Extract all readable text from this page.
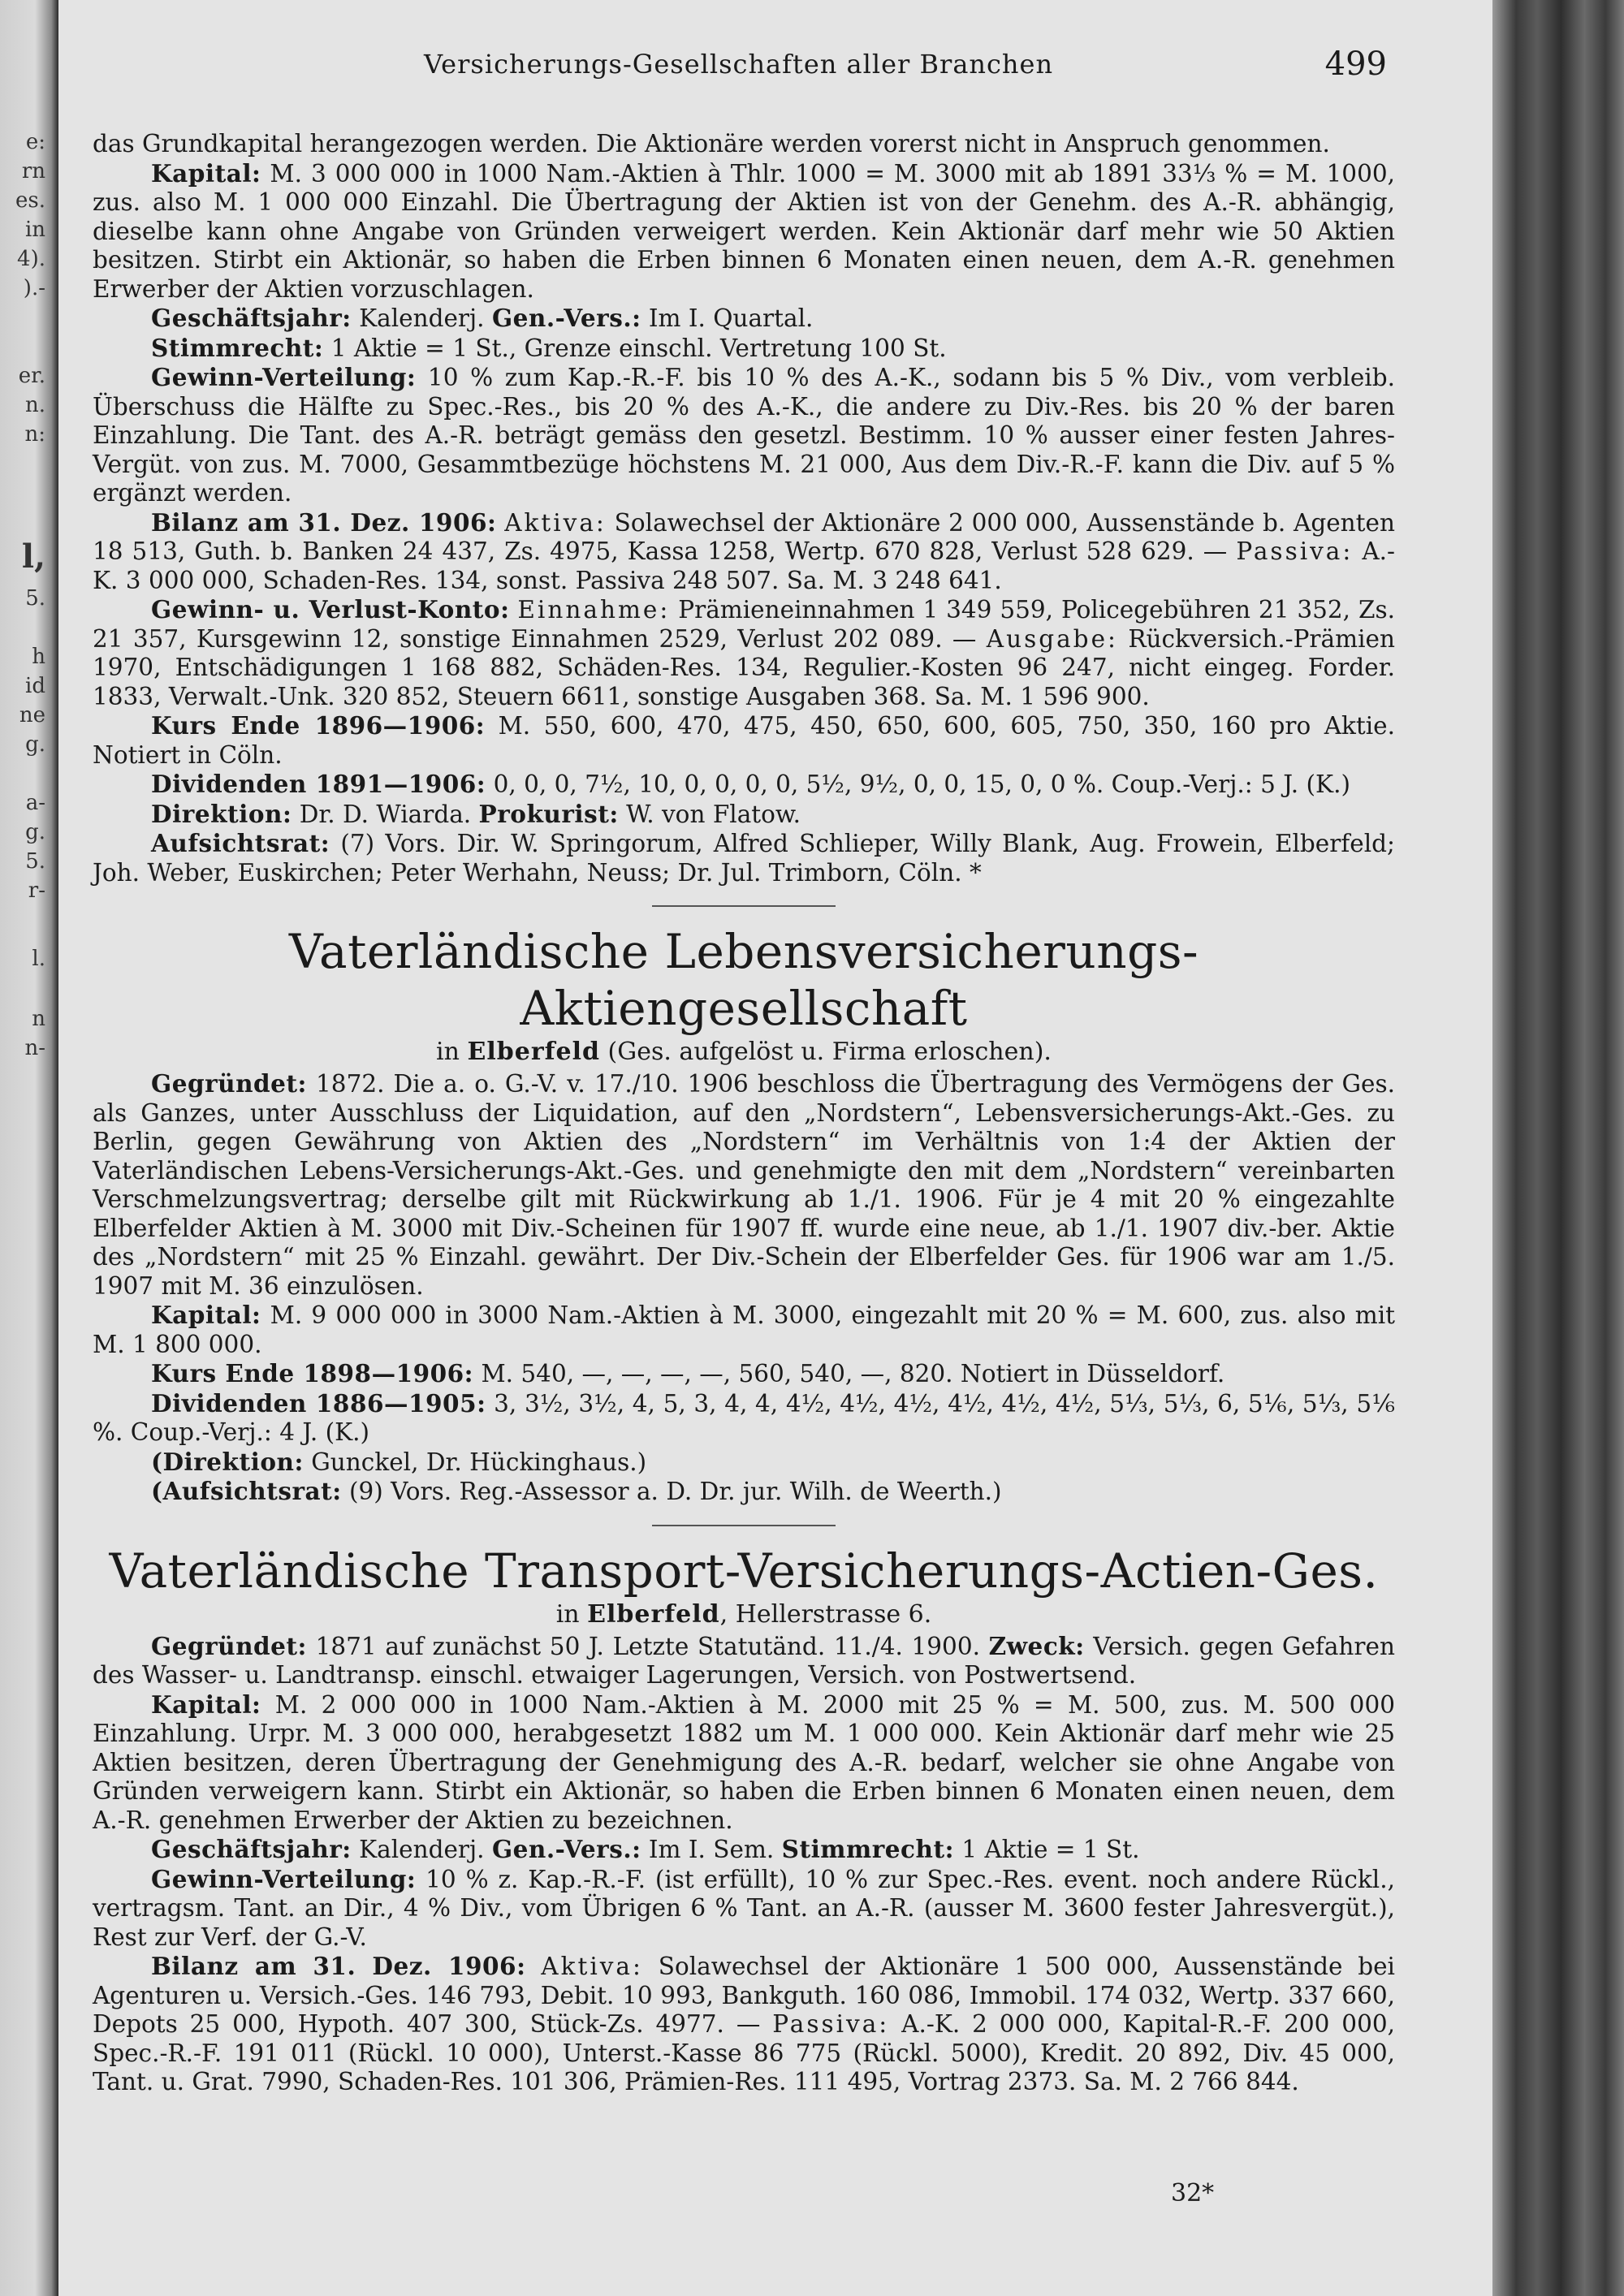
e:
rn
es.
in
4).
).-
er.
n.
n:
l,
5.
h
id
ne
g.
a-
g.
5.
r-
l.
n
n-
Versicherungs-Gesellschaften aller Branchen	499

das Grundkapital herangezogen werden. Die Aktionäre werden vorerst nicht in Anspruch genommen.

Kapital: M. 3 000 000 in 1000 Nam.-Aktien à Thlr. 1000 = M. 3000 mit ab 1891 33⅓ % = M. 1000, zus. also M. 1 000 000 Einzahl. Die Übertragung der Aktien ist von der Genehm. des A.-R. abhängig, dieselbe kann ohne Angabe von Gründen verweigert werden. Kein Aktionär darf mehr wie 50 Aktien besitzen. Stirbt ein Aktionär, so haben die Erben binnen 6 Monaten einen neuen, dem A.-R. genehmen Erwerber der Aktien vorzuschlagen.

Geschäftsjahr: Kalenderj. Gen.-Vers.: Im I. Quartal.

Stimmrecht: 1 Aktie = 1 St., Grenze einschl. Vertretung 100 St.

Gewinn-Verteilung: 10 % zum Kap.-R.-F. bis 10 % des A.-K., sodann bis 5 % Div., vom verbleib. Überschuss die Hälfte zu Spec.-Res., bis 20 % des A.-K., die andere zu Div.-Res. bis 20 % der baren Einzahlung. Die Tant. des A.-R. beträgt gemäss den gesetzl. Bestimm. 10 % ausser einer festen Jahres-Vergüt. von zus. M. 7000, Gesammtbezüge höchstens M. 21 000, Aus dem Div.-R.-F. kann die Div. auf 5 % ergänzt werden.

Bilanz am 31. Dez. 1906: Aktiva: Solawechsel der Aktionäre 2 000 000, Aussenstände b. Agenten 18 513, Guth. b. Banken 24 437, Zs. 4975, Kassa 1258, Wertp. 670 828, Verlust 528 629. — Passiva: A.-K. 3 000 000, Schaden-Res. 134, sonst. Passiva 248 507. Sa. M. 3 248 641.

Gewinn- u. Verlust-Konto: Einnahme: Prämieneinnahmen 1 349 559, Policegebühren 21 352, Zs. 21 357, Kursgewinn 12, sonstige Einnahmen 2529, Verlust 202 089. — Ausgabe: Rückversich.-Prämien 1970, Entschädigungen 1 168 882, Schäden-Res. 134, Regulier.-Kosten 96 247, nicht eingeg. Forder. 1833, Verwalt.-Unk. 320 852, Steuern 6611, sonstige Ausgaben 368. Sa. M. 1 596 900.

Kurs Ende 1896—1906: M. 550, 600, 470, 475, 450, 650, 600, 605, 750, 350, 160 pro Aktie. Notiert in Cöln.

Dividenden 1891—1906: 0, 0, 0, 7½, 10, 0, 0, 0, 0, 5½, 9½, 0, 0, 15, 0, 0 %. Coup.-Verj.: 5 J. (K.)

Direktion: Dr. D. Wiarda. Prokurist: W. von Flatow.

Aufsichtsrat: (7) Vors. Dir. W. Springorum, Alfred Schlieper, Willy Blank, Aug. Frowein, Elberfeld; Joh. Weber, Euskirchen; Peter Werhahn, Neuss; Dr. Jul. Trimborn, Cöln. *

Vaterländische Lebensversicherungs-Aktiengesellschaft

in Elberfeld (Ges. aufgelöst u. Firma erloschen).

Gegründet: 1872. Die a. o. G.-V. v. 17./10. 1906 beschloss die Übertragung des Vermögens der Ges. als Ganzes, unter Ausschluss der Liquidation, auf den „Nordstern“, Lebensversicherungs-Akt.-Ges. zu Berlin, gegen Gewährung von Aktien des „Nordstern“ im Verhältnis von 1:4 der Aktien der Vaterländischen Lebens-Versicherungs-Akt.-Ges. und genehmigte den mit dem „Nordstern“ vereinbarten Verschmelzungsvertrag; derselbe gilt mit Rückwirkung ab 1./1. 1906. Für je 4 mit 20 % eingezahlte Elberfelder Aktien à M. 3000 mit Div.-Scheinen für 1907 ff. wurde eine neue, ab 1./1. 1907 div.-ber. Aktie des „Nordstern“ mit 25 % Einzahl. gewährt. Der Div.-Schein der Elberfelder Ges. für 1906 war am 1./5. 1907 mit M. 36 einzulösen.

Kapital: M. 9 000 000 in 3000 Nam.-Aktien à M. 3000, eingezahlt mit 20 % = M. 600, zus. also mit M. 1 800 000.

Kurs Ende 1898—1906: M. 540, —, —, —, —, 560, 540, —, 820. Notiert in Düsseldorf.

Dividenden 1886—1905: 3, 3½, 3½, 4, 5, 3, 4, 4, 4½, 4½, 4½, 4½, 4½, 4½, 5⅓, 5⅓, 6, 5⅙, 5⅓, 5⅙ %. Coup.-Verj.: 4 J. (K.)

(Direktion: Gunckel, Dr. Hückinghaus.)

(Aufsichtsrat: (9) Vors. Reg.-Assessor a. D. Dr. jur. Wilh. de Weerth.)

Vaterländische Transport-Versicherungs-Actien-Ges.

in Elberfeld, Hellerstrasse 6.

Gegründet: 1871 auf zunächst 50 J. Letzte Statutänd. 11./4. 1900. Zweck: Versich. gegen Gefahren des Wasser- u. Landtransp. einschl. etwaiger Lagerungen, Versich. von Postwertsend.

Kapital: M. 2 000 000 in 1000 Nam.-Aktien à M. 2000 mit 25 % = M. 500, zus. M. 500 000 Einzahlung. Urpr. M. 3 000 000, herabgesetzt 1882 um M. 1 000 000. Kein Aktionär darf mehr wie 25 Aktien besitzen, deren Übertragung der Genehmigung des A.-R. bedarf, welcher sie ohne Angabe von Gründen verweigern kann. Stirbt ein Aktionär, so haben die Erben binnen 6 Monaten einen neuen, dem A.-R. genehmen Erwerber der Aktien zu bezeichnen.

Geschäftsjahr: Kalenderj. Gen.-Vers.: Im I. Sem. Stimmrecht: 1 Aktie = 1 St.

Gewinn-Verteilung: 10 % z. Kap.-R.-F. (ist erfüllt), 10 % zur Spec.-Res. event. noch andere Rückl., vertragsm. Tant. an Dir., 4 % Div., vom Übrigen 6 % Tant. an A.-R. (ausser M. 3600 fester Jahresvergüt.), Rest zur Verf. der G.-V.

Bilanz am 31. Dez. 1906: Aktiva: Solawechsel der Aktionäre 1 500 000, Aussenstände bei Agenturen u. Versich.-Ges. 146 793, Debit. 10 993, Bankguth. 160 086, Immobil. 174 032, Wertp. 337 660, Depots 25 000, Hypoth. 407 300, Stück-Zs. 4977. — Passiva: A.-K. 2 000 000, Kapital-R.-F. 200 000, Spec.-R.-F. 191 011 (Rückl. 10 000), Unterst.-Kasse 86 775 (Rückl. 5000), Kredit. 20 892, Div. 45 000, Tant. u. Grat. 7990, Schaden-Res. 101 306, Prämien-Res. 111 495, Vortrag 2373. Sa. M. 2 766 844.

32*
